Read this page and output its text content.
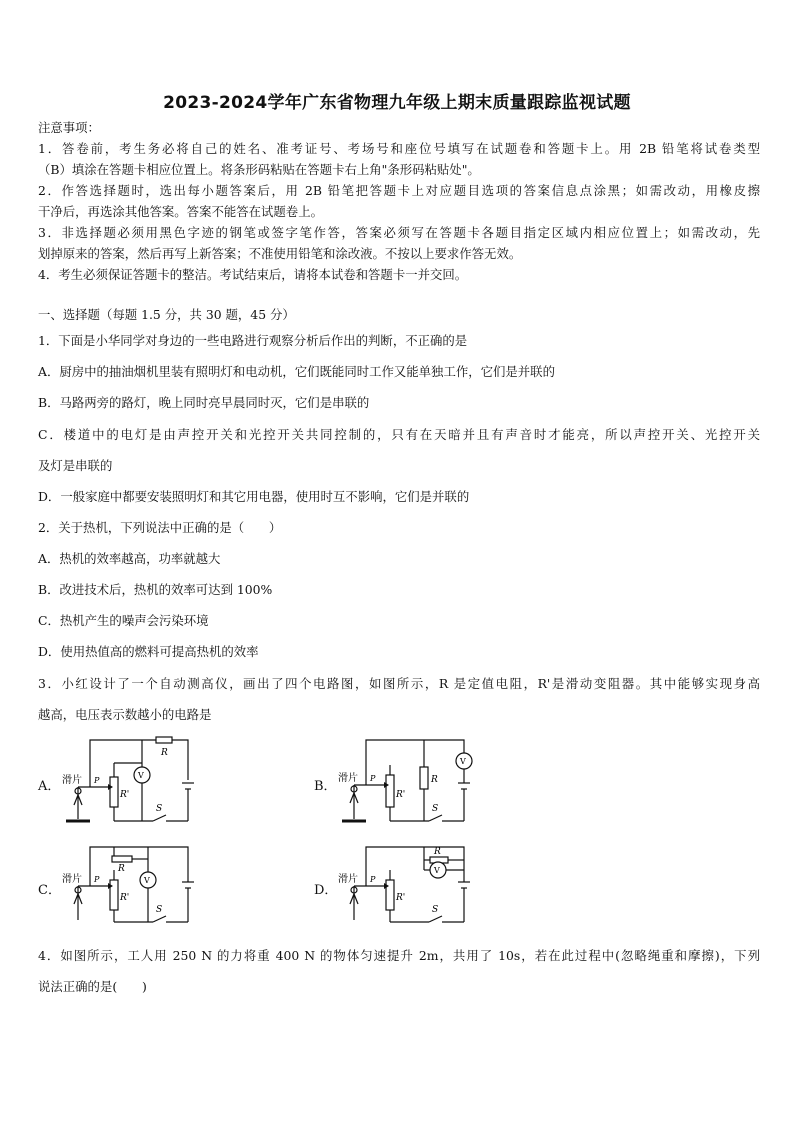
2023-2024学年广东省物理九年级上期末质量跟踪监视试题
注意事项：
1．答卷前，考生务必将自己的姓名、准考证号、考场号和座位号填写在试题卷和答题卡上。用 2B 铅笔将试卷类型
（B）填涂在答题卡相应位置上。将条形码粘贴在答题卡右上角"条形码粘贴处"。
2．作答选择题时，选出每小题答案后，用 2B 铅笔把答题卡上对应题目选项的答案信息点涂黑；如需改动，用橡皮擦
干净后，再选涂其他答案。答案不能答在试题卷上。
3．非选择题必须用黑色字迹的钢笔或签字笔作答，答案必须写在答题卡各题目指定区域内相应位置上；如需改动，先
划掉原来的答案，然后再写上新答案；不准使用铅笔和涂改液。不按以上要求作答无效。
4．考生必须保证答题卡的整洁。考试结束后，请将本试卷和答题卡一并交回。
一、选择题（每题 1.5 分，共 30 题，45 分）
1．下面是小华同学对身边的一些电路进行观察分析后作出的判断，不正确的是
A．厨房中的抽油烟机里装有照明灯和电动机，它们既能同时工作又能单独工作，它们是并联的
B．马路两旁的路灯，晚上同时亮早晨同时灭，它们是串联的
C．楼道中的电灯是由声控开关和光控开关共同控制的，只有在天暗并且有声音时才能亮，所以声控开关、光控开关
及灯是串联的
D．一般家庭中都要安装照明灯和其它用电器，使用时互不影响，它们是并联的
2．关于热机，下列说法中正确的是（　　）
A．热机的效率越高，功率就越大
B．改进技术后，热机的效率可达到 100%
C．热机产生的噪声会污染环境
D．使用热值高的燃料可提高热机的效率
3．小红设计了一个自动测高仪，画出了四个电路图，如图所示，R 是定值电阻，R'是滑动变阻器。其中能够实现身高
越高，电压表示数越小的电路是
A．	B．
C．	D．
滑片 P
R
R'
V
S
滑片 P	R
R'
V
S
滑片 P
R
R'
V
S
滑片 P
R
R'
V
S
4．如图所示，工人用 250 N 的力将重 400 N 的物体匀速提升 2m，共用了 10s，若在此过程中(忽略绳重和摩擦)，下列
说法正确的是(　　)
